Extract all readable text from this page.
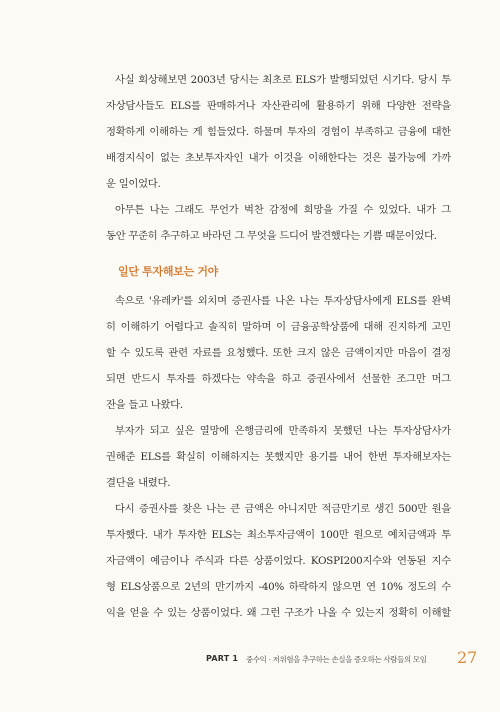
사실 회상해보면 2003년 당시는 최초로 ELS가 발행되었던 시기다. 당시 투
자상담사들도 ELS를 판매하거나 자산관리에 활용하기 위해 다양한 전략을
정확하게 이해하는 게 힘들었다. 하물며 투자의 경험이 부족하고 금융에 대한
배경지식이 없는 초보투자자인 내가 이것을 이해한다는 것은 불가능에 가까
운 일이었다.

아무튼 나는 그래도 무언가 벅찬 감정에 희망을 가질 수 있었다. 내가 그
동안 꾸준히 추구하고 바라던 그 무엇을 드디어 발견했다는 기쁨 때문이었다.

일단 투자해보는 거야

속으로 '유레카'를 외치며 증권사를 나온 나는 투자상담사에게 ELS를 완벽
히 이해하기 어렵다고 솔직히 말하며 이 금융공학상품에 대해 진지하게 고민
할 수 있도록 관련 자료를 요청했다. 또한 크지 않은 금액이지만 마음이 결정
되면 반드시 투자를 하겠다는 약속을 하고 증권사에서 선물한 조그만 머그
잔을 들고 나왔다.

부자가 되고 싶은 열망에 은행금리에 만족하지 못했던 나는 투자상담사가
권해준 ELS를 확실히 이해하지는 못했지만 용기를 내어 한번 투자해보자는
결단을 내렸다.

다시 증권사를 찾은 나는 큰 금액은 아니지만 적금만기로 생긴 500만 원을
투자했다. 내가 투자한 ELS는 최소투자금액이 100만 원으로 예치금액과 투
자금액이 예금이나 주식과 다른 상품이었다. KOSPI200지수와 연동된 지수
형 ELS상품으로 2년의 만기까지 -40% 하락하지 않으면 연 10% 정도의 수
익을 얻을 수 있는 상품이었다. 왜 그런 구조가 나올 수 있는지 정확히 이해할

PART 1 중수익 · 저위험을 추구하는 손실을 증오하는 사람들의 모임 27
